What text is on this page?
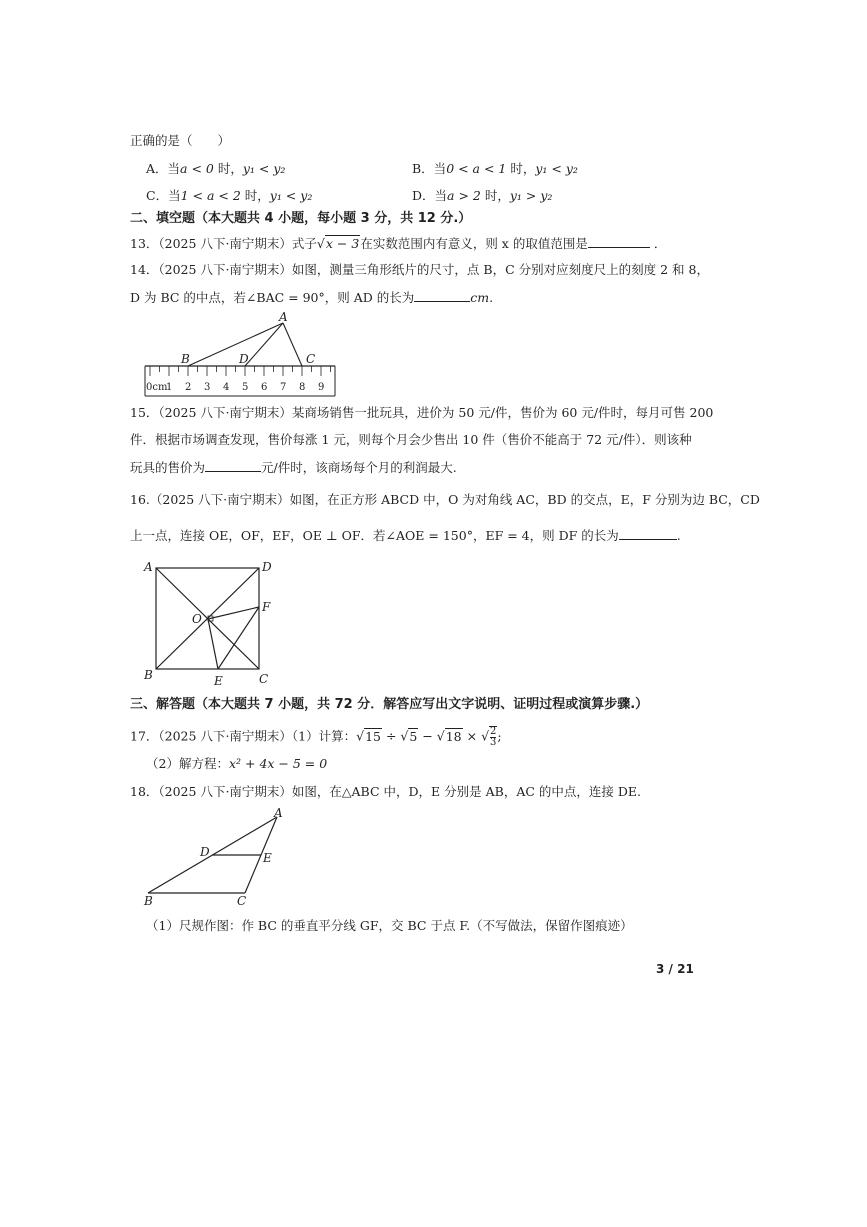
正确的是（　　）
A．当a < 0 时，y₁ < y₂	B．当0 < a < 1 时，y₁ < y₂
C．当1 < a < 2 时，y₁ < y₂	D．当a > 2 时，y₁ > y₂
二、填空题（本大题共 4 小题，每小题 3 分，共 12 分.）
13．（2025 八下·南宁期末）式子√x − 3在实数范围内有意义，则 x 的取值范围是	．
14．（2025 八下·南宁期末）如图，测量三角形纸片的尺寸，点 B，C 分别对应刻度尺上的刻度 2 和 8，
D 为 BC 的中点，若∠BAC = 90°，则 AD 的长为	cm.
0cm
1 2 3 4 5 6 7 8 9
A
B	D	C
15．（2025 八下·南宁期末）某商场销售一批玩具，进价为 50 元/件，售价为 60 元/件时，每月可售 200
件．根据市场调查发现，售价每涨 1 元，则每个月会少售出 10 件（售价不能高于 72 元/件）．则该种
玩具的售价为	元/件时，该商场每个月的利润最大.
16.（2025 八下·南宁期末）如图，在正方形 ABCD 中，O 为对角线 AC，BD 的交点，E，F 分别为边 BC，CD
上一点，连接 OE，OF，EF，OE ⊥ OF．若∠AOE = 150°，EF = 4，则 DF 的长为	.
A	D
B	C
E
F
O
三、解答题（本大题共 7 小题，共 72 分．解答应写出文字说明、证明过程或演算步骤.）
17．（2025 八下·南宁期末）（1）计算：√15 ÷ √5 − √18 × √ $\frac{2}{3}$ ;
（2）解方程：x² + 4x − 5 = 0
18．（2025 八下·南宁期末）如图，在△ABC 中，D，E 分别是 AB，AC 的中点，连接 DE.
A
B	C
D	E
（1）尺规作图：作 BC 的垂直平分线 GF，交 BC 于点 F.（不写做法，保留作图痕迹）
3 / 21
